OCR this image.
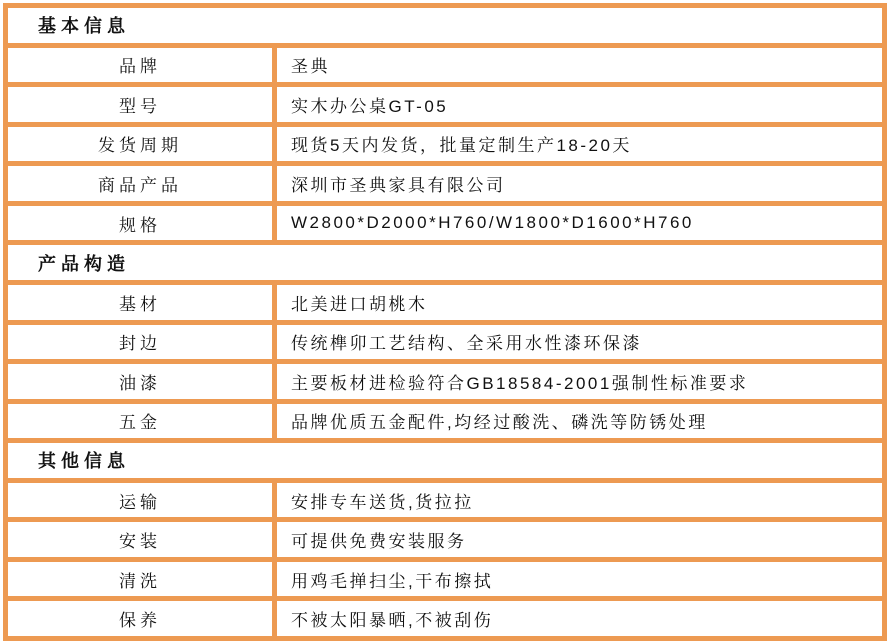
基本信息
品牌	圣典
型号	实木办公桌GT-05
发货周期	现货5天内发货，批量定制生产18-20天
商品产品	深圳市圣典家具有限公司
规格	W2800*D2000*H760/W1800*D1600*H760
产品构造
基材	北美进口胡桃木
封边	传统榫卯工艺结构、全采用水性漆环保漆
油漆	主要板材进检验符合GB18584-2001强制性标准要求
五金	品牌优质五金配件,均经过酸洗、磷洗等防锈处理
其他信息
运输	安排专车送货,货拉拉
安装	可提供免费安装服务
清洗	用鸡毛掸扫尘,干布擦拭
保养	不被太阳暴晒,不被刮伤
